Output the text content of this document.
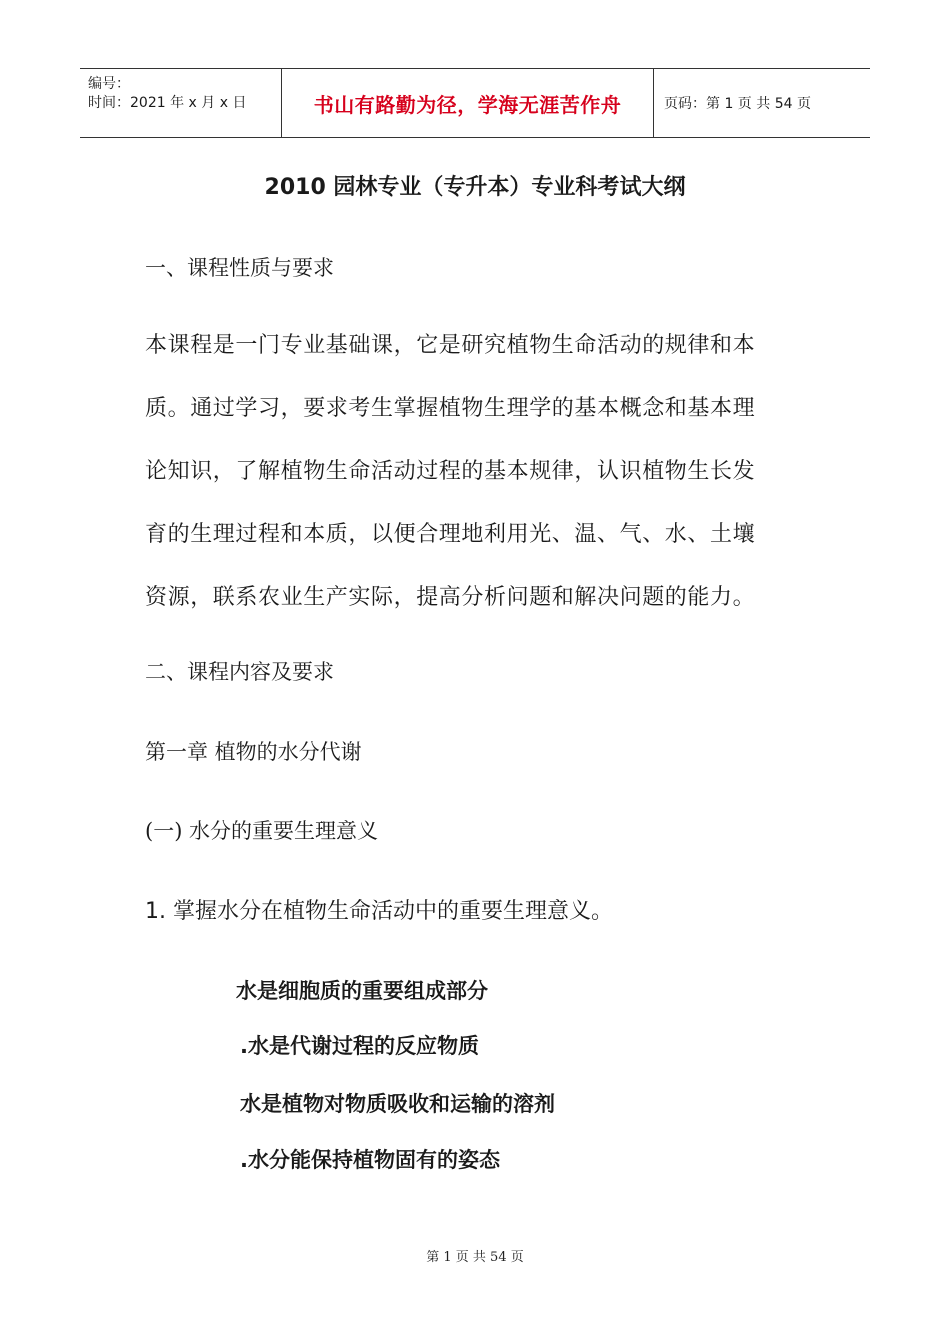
编号：
时间：2021 年 x 月 x 日	书山有路勤为径，学海无涯苦作舟	页码：第 1 页 共 54 页
2010 园林专业（专升本）专业科考试大纲
一、课程性质与要求
本课程是一门专业基础课，它是研究植物生命活动的规律和本
质。通过学习，要求考生掌握植物生理学的基本概念和基本理
论知识，了解植物生命活动过程的基本规律，认识植物生长发
育的生理过程和本质，以便合理地利用光、温、气、水、土壤
资源，联系农业生产实际，提高分析问题和解决问题的能力。
二、课程内容及要求
第一章 植物的水分代谢
(一) 水分的重要生理意义
1. 掌握水分在植物生命活动中的重要生理意义。
水是细胞质的重要组成部分
.水是代谢过程的反应物质
水是植物对物质吸收和运输的溶剂
.水分能保持植物固有的姿态
第 1 页 共 54 页
